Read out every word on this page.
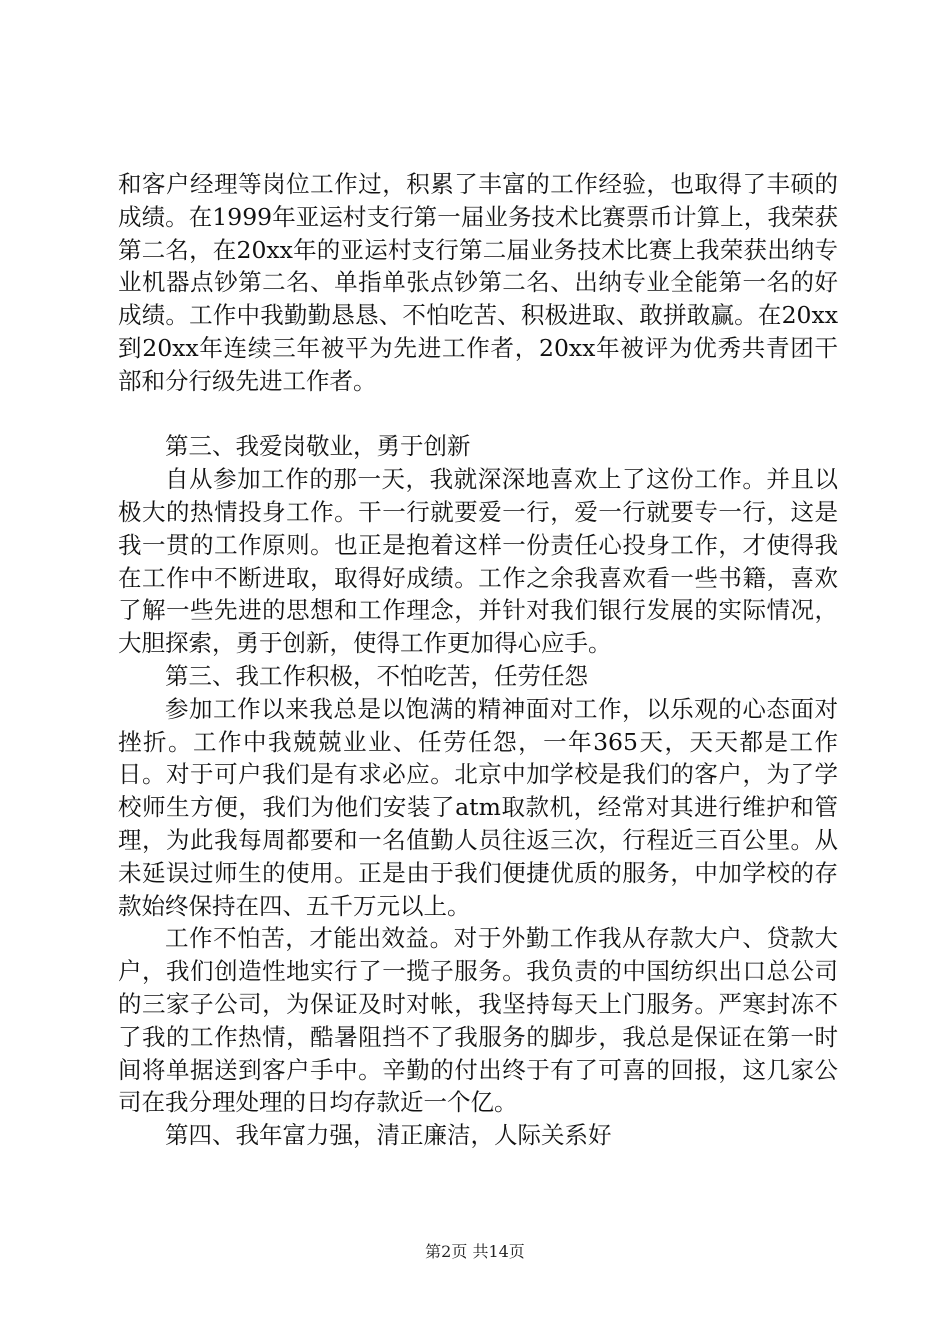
和客户经理等岗位工作过，积累了丰富的工作经验，也取得了丰硕的成绩。在1999年亚运村支行第一届业务技术比赛票币计算上，我荣获第二名，在20xx年的亚运村支行第二届业务技术比赛上我荣获出纳专业机器点钞第二名、单指单张点钞第二名、出纳专业全能第一名的好成绩。工作中我勤勤恳恳、不怕吃苦、积极进取、敢拼敢赢。在20xx到20xx年连续三年被平为先进工作者，20xx年被评为优秀共青团干部和分行级先进工作者。

第三、我爱岗敬业，勇于创新

自从参加工作的那一天，我就深深地喜欢上了这份工作。并且以极大的热情投身工作。干一行就要爱一行，爱一行就要专一行，这是我一贯的工作原则。也正是抱着这样一份责任心投身工作，才使得我在工作中不断进取，取得好成绩。工作之余我喜欢看一些书籍，喜欢了解一些先进的思想和工作理念，并针对我们银行发展的实际情况，大胆探索，勇于创新，使得工作更加得心应手。

第三、我工作积极，不怕吃苦，任劳任怨

参加工作以来我总是以饱满的精神面对工作，以乐观的心态面对挫折。工作中我兢兢业业、任劳任怨，一年365天，天天都是工作日。对于可户我们是有求必应。北京中加学校是我们的客户，为了学校师生方便，我们为他们安装了atm取款机，经常对其进行维护和管理，为此我每周都要和一名值勤人员往返三次，行程近三百公里。从未延误过师生的使用。正是由于我们便捷优质的服务，中加学校的存款始终保持在四、五千万元以上。

工作不怕苦，才能出效益。对于外勤工作我从存款大户、贷款大户，我们创造性地实行了一揽子服务。我负责的中国纺织出口总公司的三家子公司，为保证及时对帐，我坚持每天上门服务。严寒封冻不了我的工作热情，酷暑阻挡不了我服务的脚步，我总是保证在第一时间将单据送到客户手中。辛勤的付出终于有了可喜的回报，这几家公司在我分理处理的日均存款近一个亿。

第四、我年富力强，清正廉洁，人际关系好

第2页 共14页
